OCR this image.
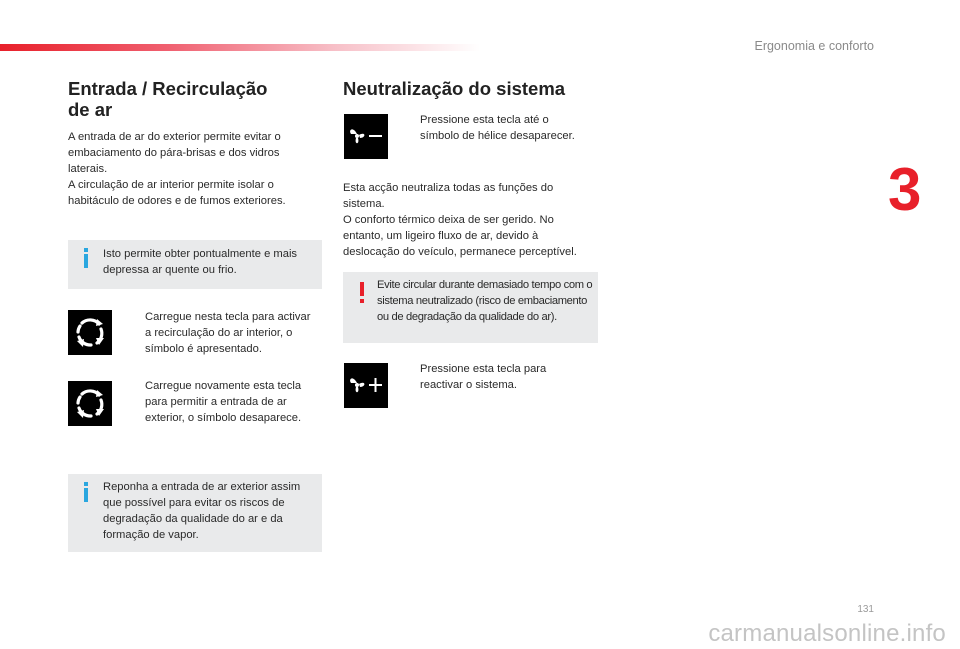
Ergonomia e conforto
3
Entrada / Recirculação
de ar
A entrada de ar do exterior permite evitar o
embaciamento do pára-brisas e dos vidros
laterais.
A circulação de ar interior permite isolar o
habitáculo de odores e de fumos exteriores.
Isto permite obter pontualmente e mais
depressa ar quente ou frio.
Carregue nesta tecla para activar
a recirculação do ar interior, o
símbolo é apresentado.
Carregue novamente esta tecla
para permitir a entrada de ar
exterior, o símbolo desaparece.
Reponha a entrada de ar exterior assim
que possível para evitar os riscos de
degradação da qualidade do ar e da
formação de vapor.
Neutralização do sistema
Pressione esta tecla até o
símbolo de hélice desaparecer.
Esta acção neutraliza todas as funções do
sistema.
O conforto térmico deixa de ser gerido. No
entanto, um ligeiro fluxo de ar, devido à
deslocação do veículo, permanece perceptível.
Evite circular durante demasiado tempo com o
sistema neutralizado (risco de embaciamento
ou de degradação da qualidade do ar).
Pressione esta tecla para
reactivar o sistema.
131
carmanualsonline.info
